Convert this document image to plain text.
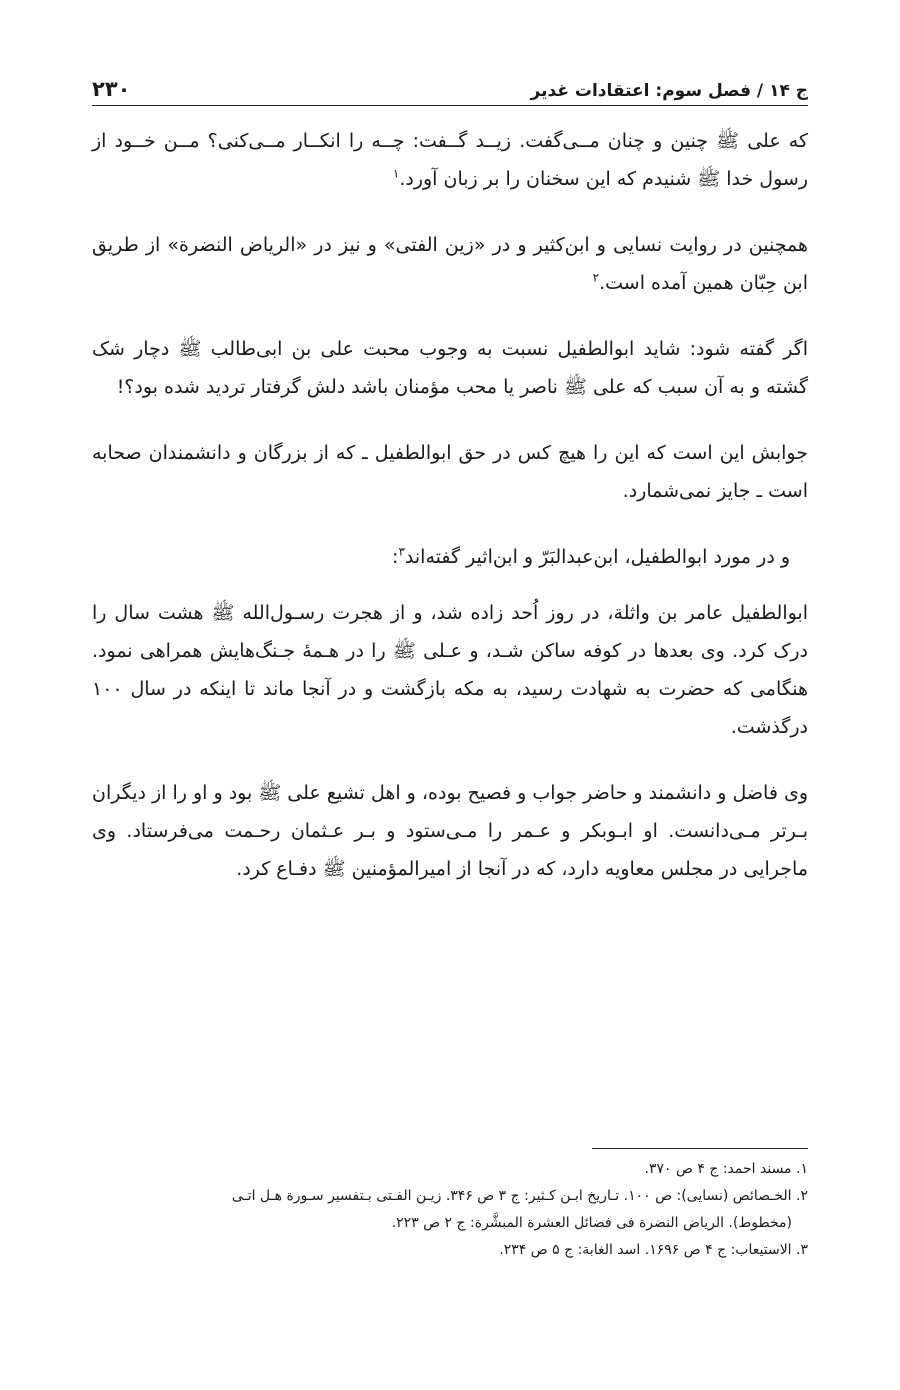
ج ۱۴ / فصل سوم: اعتقادات غدیر
۲۳۰

که علی ﷺ چنین و چنان مــی‌گفت. زیــد گــفت: چــه را انکــار مــی‌کنی؟ مــن خــود از رسول خدا ﷺ شنیدم که این سخنان را بر زبان آورد.$^۱$

همچنین در روایت نسایی و ابن‌کثیر و در «زین الفتی» و نیز در «الریاض النضرة» از طریق ابن حِبّان همین آمده است.$^۲$

اگر گفته شود: شاید ابوالطفیل نسبت به وجوب محبت علی بن ابی‌طالب ﷺ دچار شک گشته و به آن سبب که علی ﷺ ناصر یا محب مؤمنان باشد دلش گرفتار تردید شده بود؟!

جوابش این است که این را هیچ کس در حق ابوالطفیل ـ که از بزرگان و دانشمندان صحابه است ـ جایز نمی‌شمارد.

و در مورد ابوالطفیل، ابن‌عبدالبَرّ و ابن‌اثیر گفته‌اند$^۳$:

ابوالطفیل عامر بن واثلة، در روز اُحد زاده شد، و از هجرت رسـول‌الله ﷺ هشت سال را درک کرد. وی بعدها در کوفه ساکن شـد، و عـلی ﷺ را در هـمهٔ جـنگ‌هایش همراهی نمود. هنگامی که حضرت به شهادت رسید، به مکه بازگشت و در آنجا ماند تا اینکه در سال ۱۰۰ درگذشت.

وی فاضل و دانشمند و حاضر جواب و فصیح بوده، و اهل تشیع علی ﷺ بود و او را از دیگران بـرتر مـی‌دانست. او ابـوبکر و عـمر را مـی‌ستود و بـر عـثمان رحـمت می‌فرستاد. وی ماجرایی در مجلس معاویه دارد، که در آنجا از امیرالمؤمنین ﷺ دفـاع کرد.

۱. مسند احمد: ج ۴ ص ۳۷۰.

۲. الخـصائص (نسایی): ص ۱۰۰. تـاریخ ابـن کـثیر: ج ۳ ص ۳۴۶. زیـن الفـتی بـتفسیر سـورة هـل اتـی

(مخطوط). الریاض النضرة فی فضائل العشرة المبشَّرة: ج ۲ ص ۲۲۳.

۳. الاستیعاب: ج ۴ ص ۱۶۹۶. اسد الغابة: ج ۵ ص ۲۳۴.
